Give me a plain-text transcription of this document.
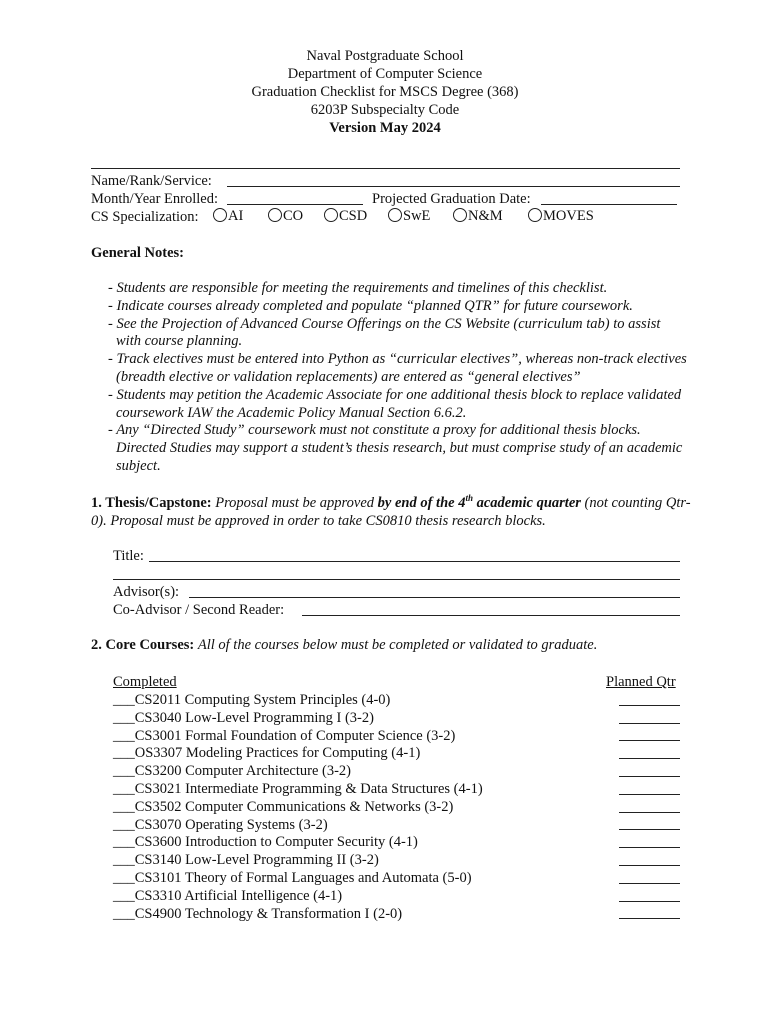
Naval Postgraduate School
Department of Computer Science
Graduation Checklist for MSCS Degree (368)
6203P Subspecialty Code
Version May 2024
Name/Rank/Service:
Month/Year Enrolled:	Projected Graduation Date:
CS Specialization:	AI	CO	CSD	SwE	N&M	MOVES
General Notes:
- Students are responsible for meeting the requirements and timelines of this checklist.
- Indicate courses already completed and populate “planned QTR” for future coursework.
- See the Projection of Advanced Course Offerings on the CS Website (curriculum tab) to assist with course planning.
- Track electives must be entered into Python as “curricular electives”, whereas non-track electives (breadth elective or validation replacements) are entered as “general electives”
- Students may petition the Academic Associate for one additional thesis block to replace validated coursework IAW the Academic Policy Manual Section 6.6.2.
- Any “Directed Study” coursework must not constitute a proxy for additional thesis blocks. Directed Studies may support a student’s thesis research, but must comprise study of an academic subject.
1. Thesis/Capstone: Proposal must be approved by end of the 4th academic quarter (not counting Qtr-0). Proposal must be approved in order to take CS0810 thesis research blocks.
Title:
Advisor(s):
Co-Advisor / Second Reader:
2. Core Courses: All of the courses below must be completed or validated to graduate.
Completed	Planned Qtr
___CS2011 Computing System Principles (4-0)
___CS3040 Low-Level Programming I (3-2)
___CS3001 Formal Foundation of Computer Science (3-2)
___OS3307 Modeling Practices for Computing (4-1)
___CS3200 Computer Architecture (3-2)
___CS3021 Intermediate Programming & Data Structures (4-1)
___CS3502 Computer Communications & Networks (3-2)
___CS3070 Operating Systems (3-2)
___CS3600 Introduction to Computer Security (4-1)
___CS3140 Low-Level Programming II (3-2)
___CS3101 Theory of Formal Languages and Automata (5-0)
___CS3310 Artificial Intelligence (4-1)
___CS4900 Technology & Transformation I (2-0)
